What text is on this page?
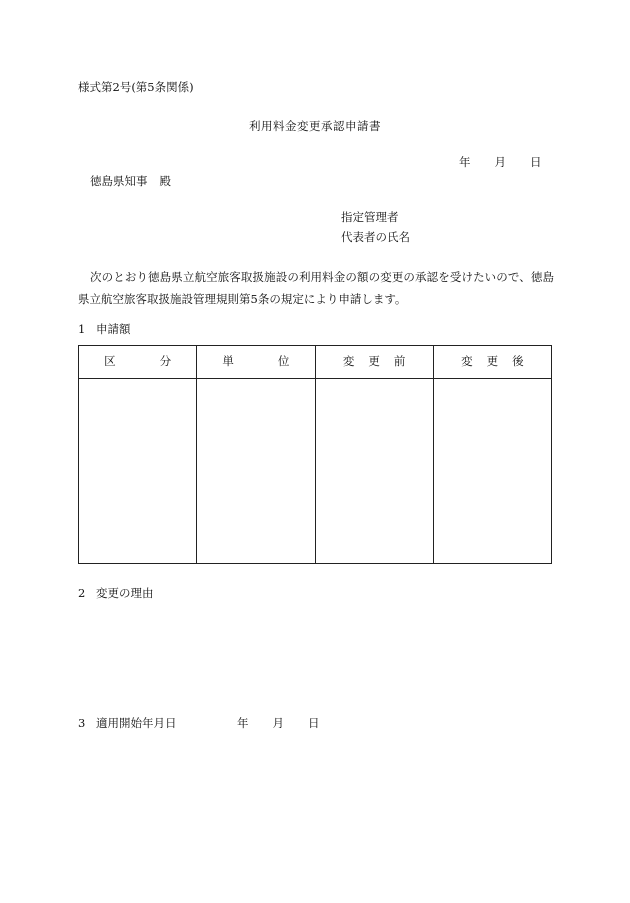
様式第2号(第5条関係)
利用料金変更承認申請書
年 月 日
徳島県知事 殿
指定管理者
代表者の氏名

次のとおり徳島県立航空旅客取扱施設の利用料金の額の変更の承認を受けたいので、徳島県立航空旅客取扱施設管理規則第5条の規定により申請します。

1 申請額
区 分	単 位	変 更 前	変 更 後

2 変更の理由
3 適用開始年月日	年 月 日
